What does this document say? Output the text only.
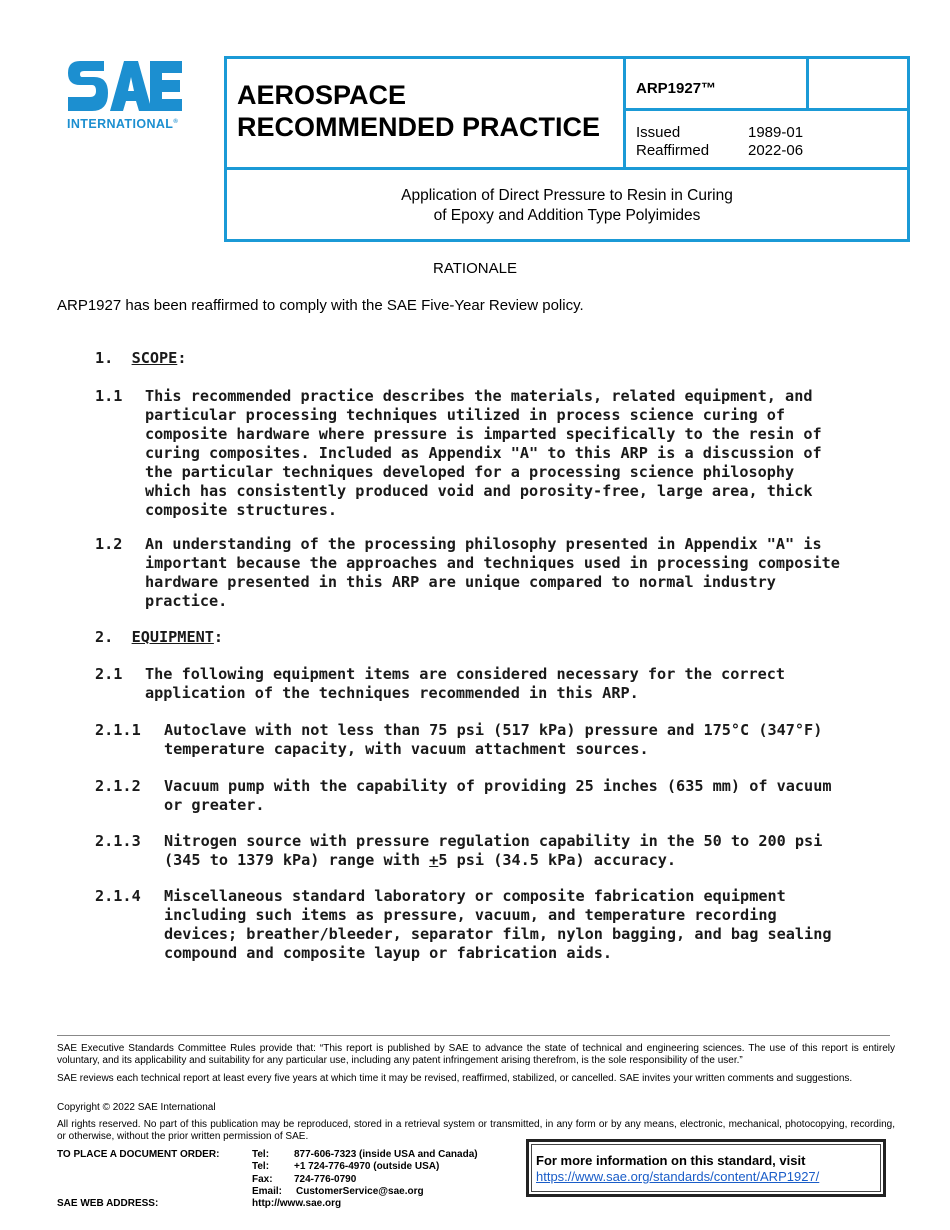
INTERNATIONAL®
AEROSPACE
RECOMMENDED PRACTICE
ARP1927™
Issued	1989-01
Reaffirmed	2022-06
Application of Direct Pressure to Resin in Curing
of Epoxy and Addition Type Polyimides
RATIONALE
ARP1927 has been reaffirmed to comply with the SAE Five-Year Review policy.
1. SCOPE:
1.1 This recommended practice describes the materials, related equipment, and
particular processing techniques utilized in process science curing of
composite hardware where pressure is imparted specifically to the resin of
curing composites. Included as Appendix "A" to this ARP is a discussion of
the particular techniques developed for a processing science philosophy
which has consistently produced void and porosity-free, large area, thick
composite structures.
1.2 An understanding of the processing philosophy presented in Appendix "A" is
important because the approaches and techniques used in processing composite
hardware presented in this ARP are unique compared to normal industry
practice.
2. EQUIPMENT:
2.1 The following equipment items are considered necessary for the correct
application of the techniques recommended in this ARP.
2.1.1 Autoclave with not less than 75 psi (517 kPa) pressure and 175°C (347°F)
temperature capacity, with vacuum attachment sources.
2.1.2 Vacuum pump with the capability of providing 25 inches (635 mm) of vacuum
or greater.
2.1.3 Nitrogen source with pressure regulation capability in the 50 to 200 psi
(345 to 1379 kPa) range with +5 psi (34.5 kPa) accuracy.
2.1.4 Miscellaneous standard laboratory or composite fabrication equipment
including such items as pressure, vacuum, and temperature recording
devices; breather/bleeder, separator film, nylon bagging, and bag sealing
compound and composite layup or fabrication aids.
SAE Executive Standards Committee Rules provide that: “This report is published by SAE to advance the state of technical and engineering sciences. The use of this report is entirely voluntary, and its applicability and suitability for any particular use, including any patent infringement arising therefrom, is the sole responsibility of the user.”
SAE reviews each technical report at least every five years at which time it may be revised, reaffirmed, stabilized, or cancelled. SAE invites your written comments and suggestions.
Copyright © 2022 SAE International
All rights reserved. No part of this publication may be reproduced, stored in a retrieval system or transmitted, in any form or by any means, electronic, mechanical, photocopying, recording, or otherwise, without the prior written permission of SAE.
TO PLACE A DOCUMENT ORDER:	Tel: 877-606-7323 (inside USA and Canada)
Tel: +1 724-776-4970 (outside USA)
Fax: 724-776-0790
Email: CustomerService@sae.org
SAE WEB ADDRESS:	http://www.sae.org
For more information on this standard, visit
https://www.sae.org/standards/content/ARP1927/
